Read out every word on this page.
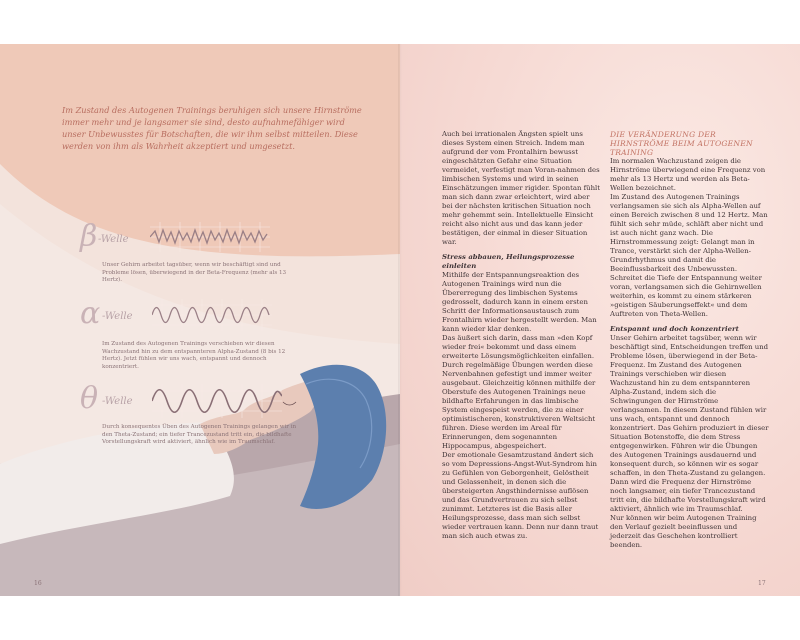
Im Zustand des Autogenen Trainings beruhigen sich unsere Hirnströme immer mehr und je langsamer sie sind, desto aufnahmefähiger wird unser Unbewusstes für Botschaften, die wir ihm selbst mitteilen. Diese werden von ihm als Wahrheit akzeptiert und umgesetzt.
β -Welle
Unser Gehirn arbeitet tagsüber, wenn wir beschäftigt sind und Probleme lösen, überwiegend in der Beta-Frequenz (mehr als 13 Hertz).
α -Welle
Im Zustand des Autogenen Trainings verschieben wir diesen Wachzustand hin zu dem entspannteren Alpha-Zustand (8 bis 12 Hertz). Jetzt fühlen wir uns wach, entspannt und dennoch konzentriert.
θ -Welle
Durch konsequentes Üben des Autogenen Trainings gelangen wir in den Theta-Zustand; ein tiefer Trancezustand tritt ein, die bildhafte Vorstellungskraft wird aktiviert, ähnlich wie im Traumschlaf.
16

Auch bei irrationalen Ängsten spielt uns dieses System einen Streich. Indem man aufgrund der vom Frontalhirn bewusst eingeschätzten Gefahr eine Situation vermeidet, verfestigt man Voran-nahmen des limbischen Systems und wird in seinen Einschätzungen immer rigider. Spontan fühlt man sich dann zwar erleichtert, wird aber bei der nächsten kritischen Situation noch mehr gehemmt sein. Intellektuelle Einsicht reicht also nicht aus und das kann jeder bestätigen, der einmal in dieser Situation war.

Stress abbauen, Heilungsprozesse einleiten

Mithilfe der Entspannungsreaktion des Autogenen Trainings wird nun die Übererregung des limbischen Systems gedrosselt, dadurch kann in einem ersten Schritt der Informationsaustausch zum Frontalhirn wieder hergestellt werden. Man kann wieder klar denken.

Das äußert sich darin, dass man »den Kopf wieder frei« bekommt und dass einem erweiterte Lösungsmöglichkeiten einfallen.

Durch regelmäßige Übungen werden diese Nervenbahnen gefestigt und immer weiter ausgebaut. Gleichzeitig können mithilfe der Oberstufe des Autogenen Trainings neue bildhafte Erfahrungen in das limbische System eingespeist werden, die zu einer optimistischeren, konstruktiveren Weltsicht führen. Diese werden im Areal für Erinnerungen, dem sogenannten Hippocampus, abgespeichert.

Der emotionale Gesamtzustand ändert sich so vom Depressions-Angst-Wut-Syndrom hin zu Gefühlen von Geborgenheit, Gelöstheit und Gelassenheit, in denen sich die übersteigerten Angsthindernisse auflösen und das Grundvertrauen zu sich selbst zunimmt. Letzteres ist die Basis aller Heilungsprozesse, dass man sich selbst wieder vertrauen kann. Denn nur dann traut man sich auch etwas zu.

DIE VERÄNDERUNG DER HIRNSTRÖME BEIM AUTOGENEN TRAINING

Im normalen Wachzustand zeigen die Hirnströme überwiegend eine Frequenz von mehr als 13 Hertz und werden als Beta-Wellen bezeichnet.

Im Zustand des Autogenen Trainings verlangsamen sie sich als Alpha-Wellen auf einen Bereich zwischen 8 und 12 Hertz. Man fühlt sich sehr müde, schläft aber nicht und ist auch nicht ganz wach. Die Hirnstrommessung zeigt: Gelangt man in Trance, verstärkt sich der Alpha-Wellen-Grundrhythmus und damit die Beeinflussbarkeit des Unbewussten. Schreitet die Tiefe der Entspannung weiter voran, verlangsamen sich die Gehirnwellen weiterhin, es kommt zu einem stärkeren »geistigen Säuberungseffekt« und dem Auftreten von Theta-Wellen.

Entspannt und doch konzentriert

Unser Gehirn arbeitet tagsüber, wenn wir beschäftigt sind, Entscheidungen treffen und Probleme lösen, überwiegend in der Beta-Frequenz. Im Zustand des Autogenen Trainings verschieben wir diesen Wachzustand hin zu dem entspannteren Alpha-Zustand, indem sich die Schwingungen der Hirnströme verlangsamen. In diesem Zustand fühlen wir uns wach, entspannt und dennoch konzentriert. Das Gehirn produziert in dieser Situation Botenstoffe, die dem Stress entgegenwirken. Führen wir die Übungen des Autogenen Trainings ausdauernd und konsequent durch, so können wir es sogar schaffen, in den Theta-Zustand zu gelangen. Dann wird die Frequenz der Hirnströme noch langsamer, ein tiefer Trancezustand tritt ein, die bildhafte Vorstellungskraft wird aktiviert, ähnlich wie im Traumschlaf.

Nur können wir beim Autogenen Training den Verlauf gezielt beeinflussen und jederzeit das Geschehen kontrolliert beenden.

17
